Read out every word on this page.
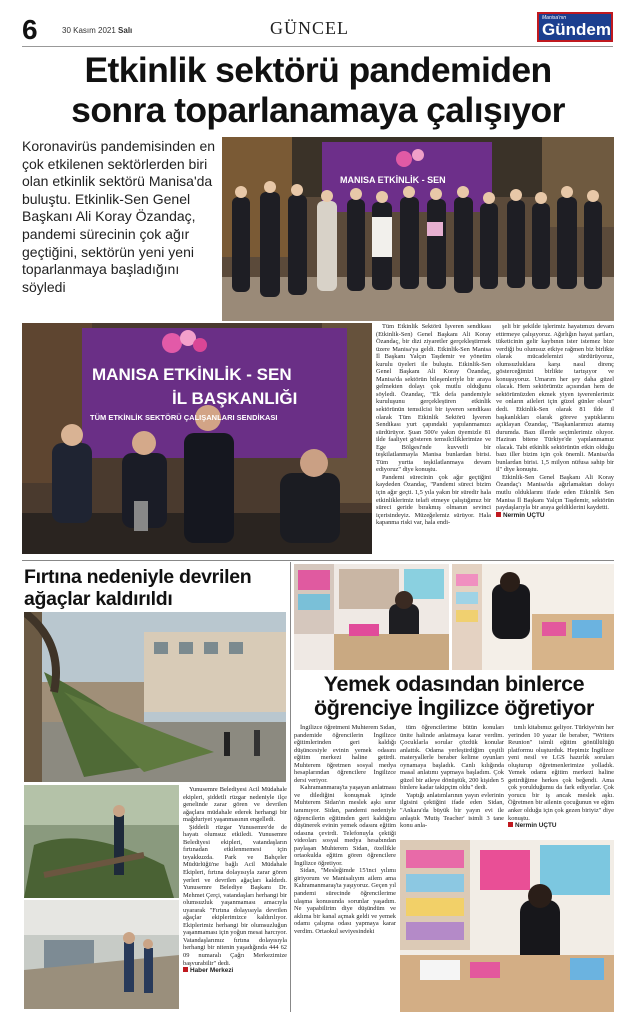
6	30 Kasım 2021 Salı	GÜNCEL	Manisa'nın
Gündem
Etkinlik sektörü pandemiden
sonra toparlanamaya çalışıyor
Koronavirüs pandemisinden en çok etkilenen sektörlerden biri olan etkinlik sektörü Manisa'da buluştu. Etkinlik-Sen Genel Başkanı Ali Koray Özandaç, pandemi sürecinin çok ağır geçtiğini, sektörün yeni yeni toparlanmaya başladığını söyledi
MANISA ETKİNLİK - SEN
MANISA ETKİNLİK - SEN
İL BAŞKANLIĞI
TÜM ETKİNLİK SEKTÖRÜ ÇALIŞANLARI SENDİKASI

Tüm Etkinlik Sektörü İşveren sendikası (Etkinlik-Sen) Genel Başkanı Ali Koray Özandaç, bir dizi ziyaretler gerçekleştirmek üzere Manisa'ya geldi. Etkinlik-Sen Manisa İl Başkanı Yalçın Taşdemir ve yönetim kurulu üyeleri ile buluştu. Etkinlik-Sen Genel Başkanı Ali Koray Özandaç, Manisa'da sektörün bileşenleriyle bir araya gelmekten dolayı çok mutlu olduğunu söyledi. Özandaç, "Ek defa pandemiyle kuruluşunu gerçekleştiren etkinlik sektörünün temsilcisi bir işveren sendikası olarak Tüm Etkinlik Sektörü İşveren Sendikası yurt çapındaki yapılanmamızı sürdürüyor. Şuan 500'e yakın üyemizle 81 ilde faaliyet gösteren temsilciliklerimize ve Ege Bölgesi'nde kuvvetli bir teşkilatlanmayla Manisa bunlardan birisi. Tüm yurtta teşkilatlanmaya devam ediyoruz" diye konuştu.

Pandemi sürecinin çok ağır geçtiğini kaydeden Özandaç, "Pandemi süreci bizim için ağır geçti. 1,5 yıla yakın bir süredir hala etkinliklerimiz telafi etmeye çalıştığımız bir süreci geride bırakmış olmanın sevinci içerisindeyiz. Müzeğelemiz sürüyor. Hala kapanma riski var, hala endi-

şeli bir şekilde işlerimiz hayatımızı devam ettirmeye çalışıyoruz. Ağırlığın hayat şartları, tüketicinin gelir kaybının ister istemez bize verdiği bu olumsuz etkiye rağmen biz birlikte olarak mücadelemizi sürdürüyoruz, olumsuzluklara karşı nasıl direnç gösterceğimizi birlikte tartışıyor ve konuşuyoruz. Umarım her şey daha güzel olacak. Hem sektörümüz açısından hem de sektörümüzden ekmek yiyen işverenlerimiz ve onların aileleri için güzel günler olsun" dedi. Etkinlik-Sen olarak 81 ilde il başkanlıkları olarak göreve yaptıklarını açıklayan Özandaç, "Başkanlarımızı atamış durumda. Bazı illerde seçimlerimiz oluyor. Haziran bitene Türkiye'de yapılanmamız olacak. Tabi etkinlik sektörünün etkin olduğu bazı iller bizim için çok önemli. Manisa'da bunlardan birisi. 1,5 milyon nüfusa sahip bir il" diye konuştu.

Etkinlik-Sen Genel Başkanı Ali Koray Özandaç'ı Manisa'da ağırlamaktan dolayı mutlu olduklarını ifade eden Etkinlik Sen Manisa İl Başkanı Yalçın Taşdemir, sektörün paydaşlarıyla bir araya geldiklerini kaydetti.

Nermin UÇTU
Fırtına nedeniyle devrilen
ağaçlar kaldırıldı

Yunusemre Belediyesi Acil Müdahale ekipleri, şiddetli rüzgar nedeniyle ilçe genelinde zarar gören ve devrilen ağaçlara müdahale ederek herhangi bir mağduriyet yaşanmasının engelledi.

Şiddetli rüzgar Yunusemre'de de hayatı olumsuz etkiledi. Yunusemre Belediyesi ekipleri, vatandaşların fırtınadan etkilenmemesi için teyakkuzda. Park ve Bahçeler Müdürlüğü'ne bağlı Acil Müdahale Ekipleri, fırtına dolayısıyla zarar gören yerleri ve devrilen ağaçları kaldırdı. Yunusemre Belediye Başkanı Dr. Mehmet Çerçi, vatandaşları herhangi bir olumsuzluk yaşanmaması amacıyla uyararak "Fırtına dolayısıyla devrilen ağaçlar ekiplerimizce kaldırılıyor. Ekiplerimiz herhangi bir olumsuzluğun yaşanmaması için yoğun mesai harcıyor. Vatandaşlarımız fırtına dolayısıyla herhangi bir nitenin yaşadığında 444 62 09 numaralı Çağrı Merkezimize başvurabilir" dedi.

Haber Merkezi
Yemek odasından binlerce
öğrenciye İngilizce öğretiyor

İngilizce öğretmeni Muhterem Sıdan, pandemide öğrencilerin İngilizce eğitimlerinden geri kaldığı düşüncesiyle evinin yemek odasını eğitim merkezi haline getirdi. Muhterem öğretmen sosyal medya hesaplarından öğrencilere İngilizce dersi veriyor.

Kahramanmaraş'ta yaşayan anlatması ve dilediğini konuşmak içinde Muhterem Sidan'ın meslek aşkı sınır tanımıyor. Sidan, pandemi nedeniyle öğrencilerin eğitimden geri kaldığını düşünerek evinin yemek odasını eğitim odasına çevirdi. Telefonuyla çektiği videoları sosyal medya hesabından paylaşan Muhterem Sidan, özellikle ortaokulda eğitim gören öğrencilere İngilizce öğretiyor.

Sidan, "Mesleğimde 15'inci yılımı giriyorum ve Manisalıyım ailem ama Kahramanmaraş'ta yaşıyoruz. Geçen yıl pandemi sürecinde öğrencilerime ulaşma konusunda sorunlar yaşadım. Ne yapabilirim diye düşündüm ve aklıma bir kanal açmak geldi ve yemek odamı çalışma odası yapmaya karar verdim. Ortaokul seviyesindeki

tüm öğrencilerime bütün konuları ünite halinde anlatmaya karar verdim. Çocuklarla sorular çözdük konular anlattık. Odama yerleştirdiğim çeşitli materyallerle beraber kelime oyunları oynamaya başladık. Canlı kılığında masal anlatımı yapmaya başladım. Çok güzel bir aileye dönüştük, 200 kişiden 5 binlere kadar takipçim oldu" dedi.

Yaptığı anlatımlarının yayın evlerinin ilgisini çektiğini ifade eden Sidan, "Ankara'da büyük bir yayın evi ile anlaştık 'Mutiş Teacher' isimli 3 tane konu anla-

tımlı kitabımız geliyor. Türkiye'nin her yerinden 10 yazar ile beraber, "Writers Reunion" isimli eğitim gönüllülüğü platformu oluşturduk. Hepimiz İngilizce yeni nesil ve LGS hazırlık soruları oluşturup öğretmenlerimize yolladık. Yemek odamı eğitim merkezi haline getirdiğime herkes çok beğendi. Ama çok yorulduğumu da fark ediyorlar. Çok yorucu bir iş ancak meslek aşkı. Öğretmen bir ailenin çocuğunun ve eğim anker olduğu için çok gezen biriyiz" diye konuştu.

Nermin UÇTU
